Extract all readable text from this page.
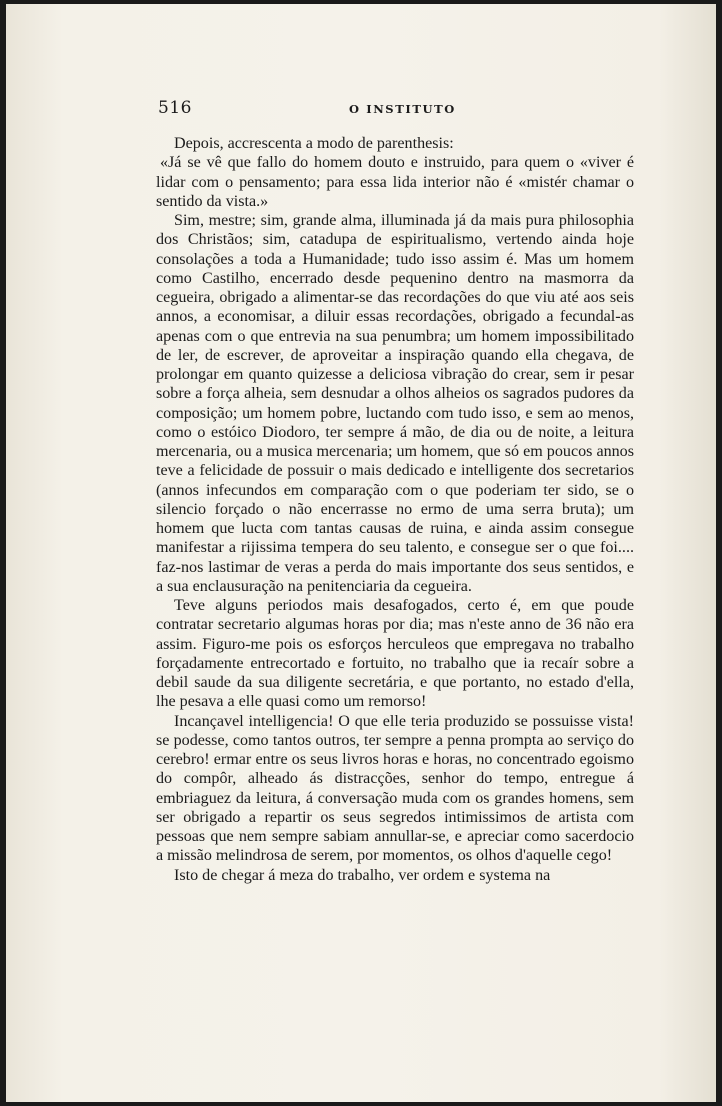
516	O INSTITUTO

Depois, accrescenta a modo de parenthesis:

«Já se vê que fallo do homem douto e instruido, para quem o «viver é lidar com o pensamento; para essa lida interior não é «mistér chamar o sentido da vista.»

Sim, mestre; sim, grande alma, illuminada já da mais pura philosophia dos Christãos; sim, catadupa de espiritualismo, vertendo ainda hoje consolações a toda a Humanidade; tudo isso assim é. Mas um homem como Castilho, encerrado desde pequenino dentro na masmorra da cegueira, obrigado a alimentar-se das recordações do que viu até aos seis annos, a economisar, a diluir essas recordações, obrigado a fecundal-as apenas com o que entrevia na sua penumbra; um homem impossibilitado de ler, de escrever, de aproveitar a inspiração quando ella chegava, de prolongar em quanto quizesse a deliciosa vibração do crear, sem ir pesar sobre a força alheia, sem desnudar a olhos alheios os sagrados pudores da composição; um homem pobre, luctando com tudo isso, e sem ao menos, como o estóico Diodoro, ter sempre á mão, de dia ou de noite, a leitura mercenaria, ou a musica mercenaria; um homem, que só em poucos annos teve a felicidade de possuir o mais dedicado e intelligente dos secretarios (annos infecundos em comparação com o que poderiam ter sido, se o silencio forçado o não encerrasse no ermo de uma serra bruta); um homem que lucta com tantas causas de ruina, e ainda assim consegue manifestar a rijissima tempera do seu talento, e consegue ser o que foi.... faz-nos lastimar de veras a perda do mais importante dos seus sentidos, e a sua enclausuração na penitenciaria da cegueira.

Teve alguns periodos mais desafogados, certo é, em que poude contratar secretario algumas horas por dia; mas n'este anno de 36 não era assim. Figuro-me pois os esforços herculeos que empregava no trabalho forçadamente entrecortado e fortuito, no trabalho que ia recaír sobre a debil saude da sua diligente secretária, e que portanto, no estado d'ella, lhe pesava a elle quasi como um remorso!

Incançavel intelligencia! O que elle teria produzido se possuisse vista! se podesse, como tantos outros, ter sempre a penna prompta ao serviço do cerebro! ermar entre os seus livros horas e horas, no concentrado egoismo do compôr, alheado ás distracções, senhor do tempo, entregue á embriaguez da leitura, á conversação muda com os grandes homens, sem ser obrigado a repartir os seus segredos intimissimos de artista com pessoas que nem sempre sabiam annullar-se, e apreciar como sacerdocio a missão melindrosa de serem, por momentos, os olhos d'aquelle cego!

Isto de chegar á meza do trabalho, ver ordem e systema na
